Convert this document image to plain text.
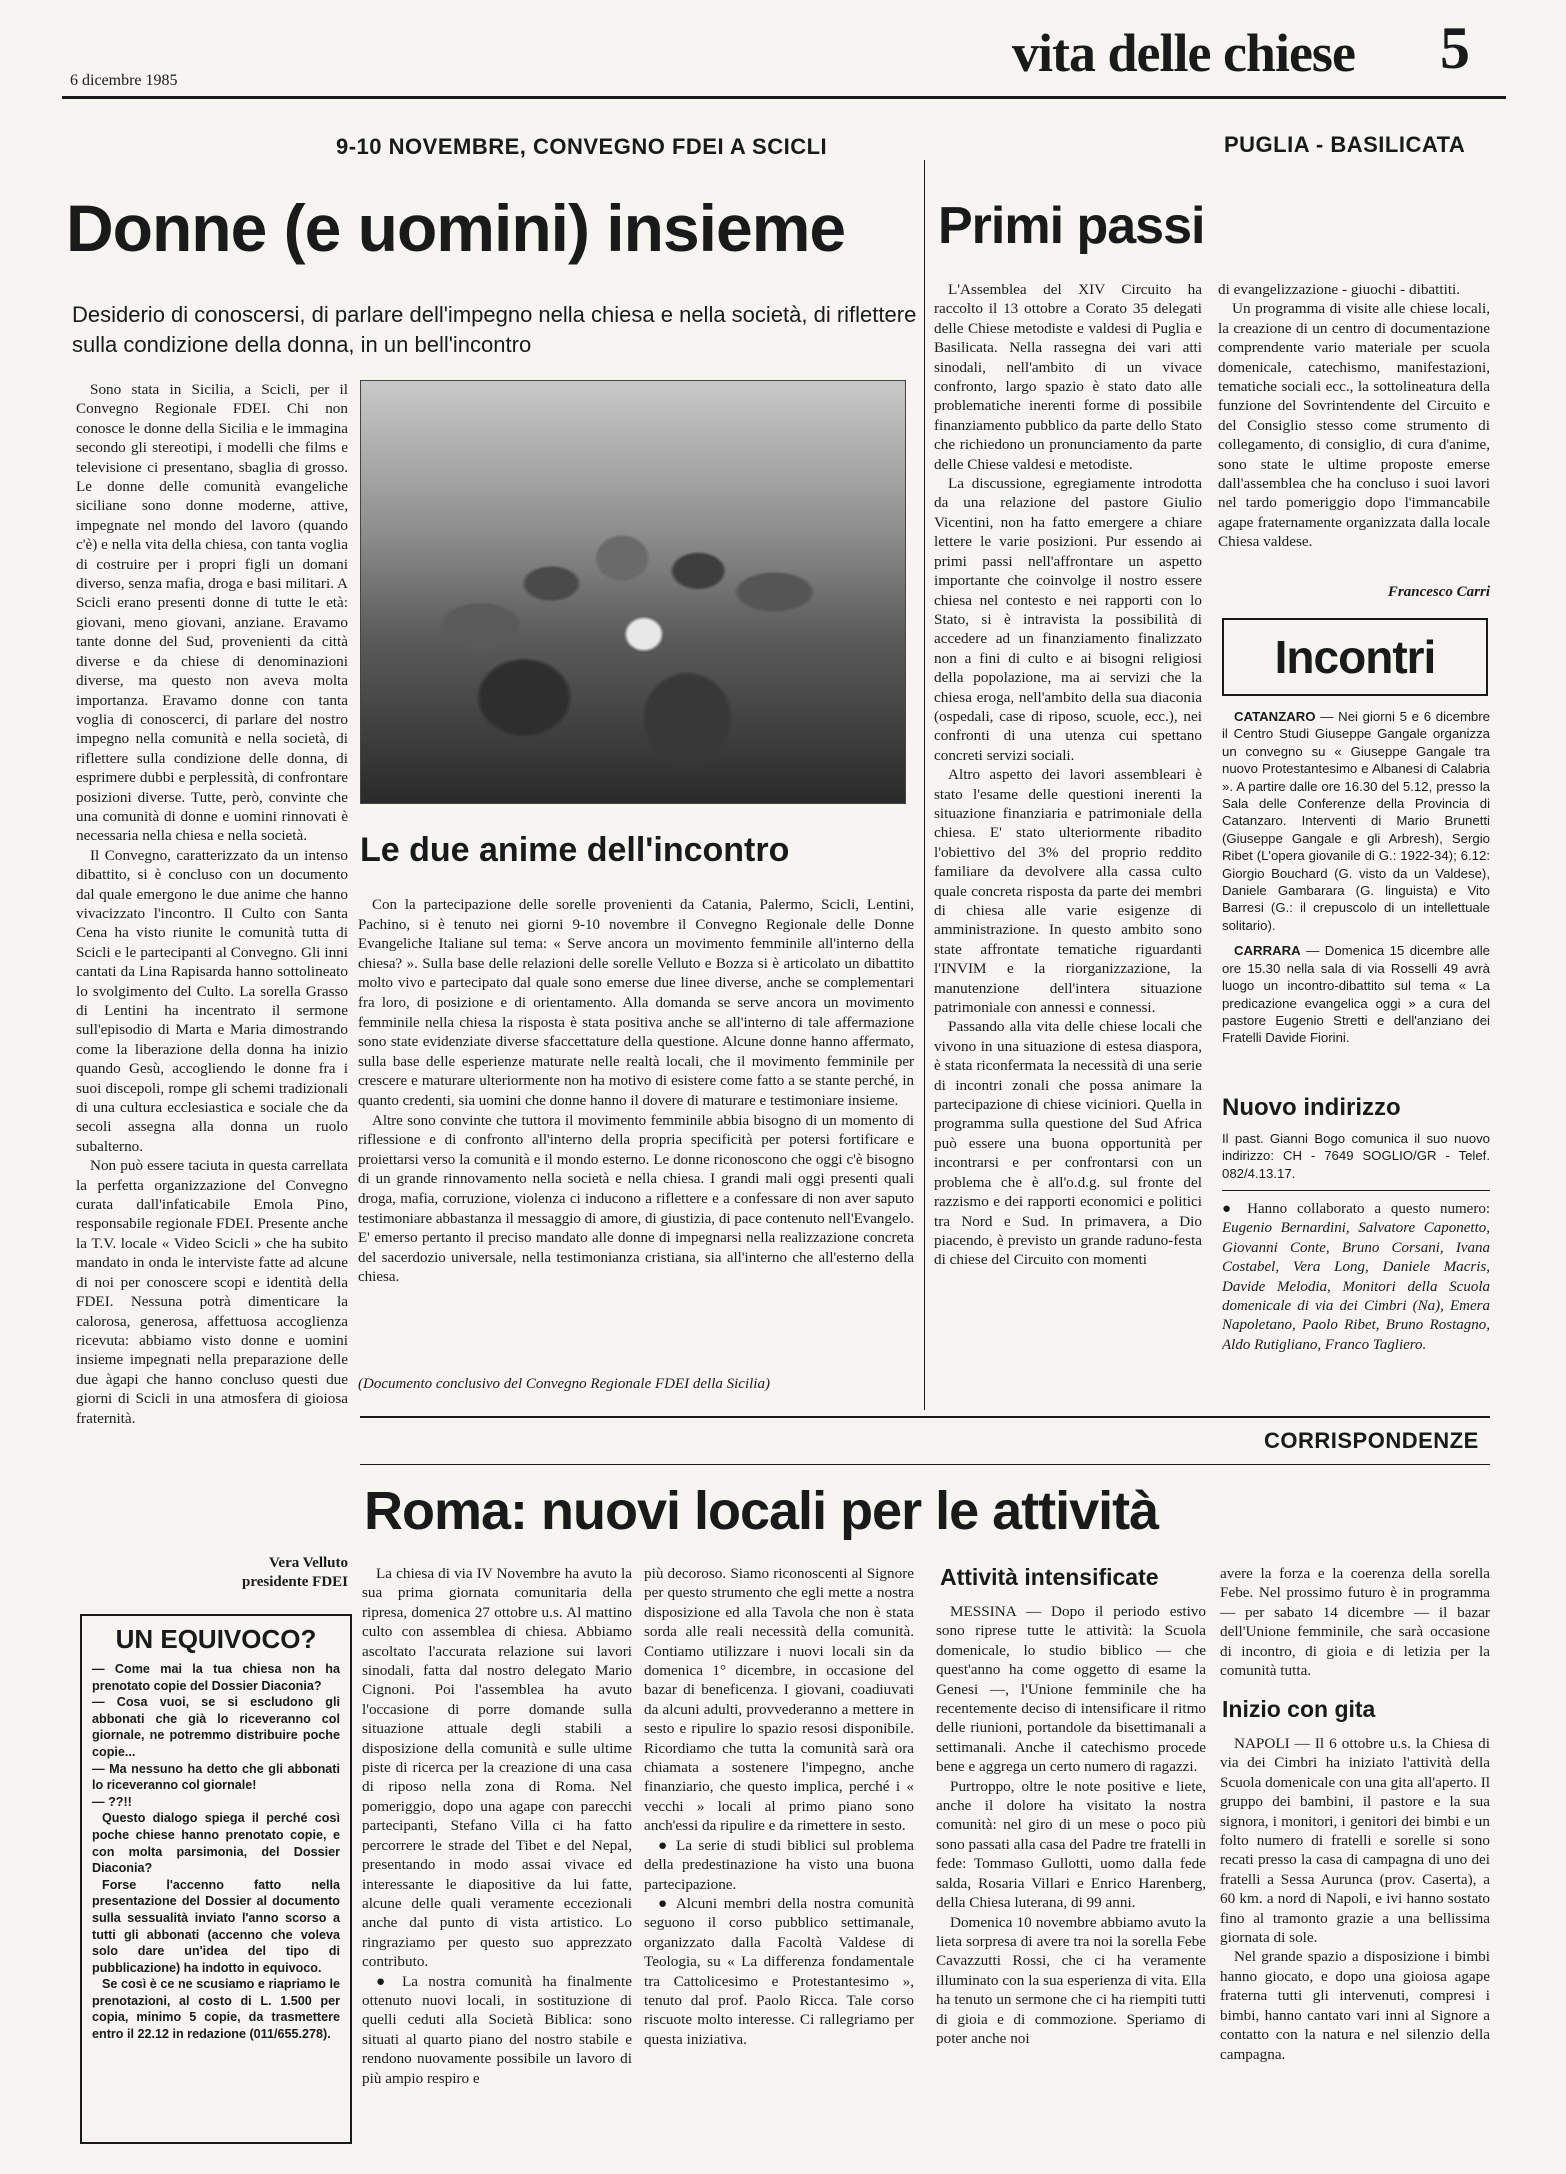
6 dicembre 1985	vita delle chiese 5
9-10 NOVEMBRE, CONVEGNO FDEI A SCICLI
Donne (e uomini) insieme
Desiderio di conoscersi, di parlare dell'impegno nella chiesa e nella società, di riflettere sulla condizione della donna, in un bell'incontro

Sono stata in Sicilia, a Scicli, per il Convegno Regionale FDEI. Chi non conosce le donne della Sicilia e le immagina secondo gli stereotipi, i modelli che films e televisione ci presentano, sbaglia di grosso. Le donne delle comunità evangeliche siciliane sono donne moderne, attive, impegnate nel mondo del lavoro (quando c'è) e nella vita della chiesa, con tanta voglia di costruire per i propri figli un domani diverso, senza mafia, droga e basi militari. A Scicli erano presenti donne di tutte le età: giovani, meno giovani, anziane. Eravamo tante donne del Sud, provenienti da città diverse e da chiese di denominazioni diverse, ma questo non aveva molta importanza. Eravamo donne con tanta voglia di conoscerci, di parlare del nostro impegno nella comunità e nella società, di riflettere sulla condizione delle donna, di esprimere dubbi e perplessità, di confrontare posizioni diverse. Tutte, però, convinte che una comunità di donne e uomini rinnovati è necessaria nella chiesa e nella società.

Il Convegno, caratterizzato da un intenso dibattito, si è concluso con un documento dal quale emergono le due anime che hanno vivacizzato l'incontro. Il Culto con Santa Cena ha visto riunite le comunità tutta di Scicli e le partecipanti al Convegno. Gli inni cantati da Lina Rapisarda hanno sottolineato lo svolgimento del Culto. La sorella Grasso di Lentini ha incentrato il sermone sull'episodio di Marta e Maria dimostrando come la liberazione della donna ha inizio quando Gesù, accogliendo le donne fra i suoi discepoli, rompe gli schemi tradizionali di una cultura ecclesiastica e sociale che da secoli assegna alla donna un ruolo subalterno.

Non può essere taciuta in questa carrellata la perfetta organizzazione del Convegno curata dall'infaticabile Emola Pino, responsabile regionale FDEI. Presente anche la T.V. locale « Video Scicli » che ha subito mandato in onda le interviste fatte ad alcune di noi per conoscere scopi e identità della FDEI. Nessuna potrà dimenticare la calorosa, generosa, affettuosa accoglienza ricevuta: abbiamo visto donne e uomini insieme impegnati nella preparazione delle due àgapi che hanno concluso questi due giorni di Scicli in una atmosfera di gioiosa fraternità.

Vera Velluto
presidente FDEI
Le due anime dell'incontro

Con la partecipazione delle sorelle provenienti da Catania, Palermo, Scicli, Lentini, Pachino, si è tenuto nei giorni 9-10 novembre il Convegno Regionale delle Donne Evangeliche Italiane sul tema: « Serve ancora un movimento femminile all'interno della chiesa? ». Sulla base delle relazioni delle sorelle Velluto e Bozza si è articolato un dibattito molto vivo e partecipato dal quale sono emerse due linee diverse, anche se complementari fra loro, di posizione e di orientamento. Alla domanda se serve ancora un movimento femminile nella chiesa la risposta è stata positiva anche se all'interno di tale affermazione sono state evidenziate diverse sfaccettature della questione. Alcune donne hanno affermato, sulla base delle esperienze maturate nelle realtà locali, che il movimento femminile per crescere e maturare ulteriormente non ha motivo di esistere come fatto a se stante perché, in quanto credenti, sia uomini che donne hanno il dovere di maturare e testimoniare insieme.

Altre sono convinte che tuttora il movimento femminile abbia bisogno di un momento di riflessione e di confronto all'interno della propria specificità per potersi fortificare e proiettarsi verso la comunità e il mondo esterno. Le donne riconoscono che oggi c'è bisogno di un grande rinnovamento nella società e nella chiesa. I grandi mali oggi presenti quali droga, mafia, corruzione, violenza ci inducono a riflettere e a confessare di non aver saputo testimoniare abbastanza il messaggio di amore, di giustizia, di pace contenuto nell'Evangelo. E' emerso pertanto il preciso mandato alle donne di impegnarsi nella realizzazione concreta del sacerdozio universale, nella testimonianza cristiana, sia all'interno che all'esterno della chiesa.

(Documento conclusivo del Convegno Regionale FDEI della Sicilia)
PUGLIA - BASILICATA
Primi passi

L'Assemblea del XIV Circuito ha raccolto il 13 ottobre a Corato 35 delegati delle Chiese metodiste e valdesi di Puglia e Basilicata. Nella rassegna dei vari atti sinodali, nell'ambito di un vivace confronto, largo spazio è stato dato alle problematiche inerenti forme di possibile finanziamento pubblico da parte dello Stato che richiedono un pronunciamento da parte delle Chiese valdesi e metodiste.

La discussione, egregiamente introdotta da una relazione del pastore Giulio Vicentini, non ha fatto emergere a chiare lettere le varie posizioni. Pur essendo ai primi passi nell'affrontare un aspetto importante che coinvolge il nostro essere chiesa nel contesto e nei rapporti con lo Stato, si è intravista la possibilità di accedere ad un finanziamento finalizzato non a fini di culto e ai bisogni religiosi della popolazione, ma ai servizi che la chiesa eroga, nell'ambito della sua diaconia (ospedali, case di riposo, scuole, ecc.), nei confronti di una utenza cui spettano concreti servizi sociali.

Altro aspetto dei lavori assembleari è stato l'esame delle questioni inerenti la situazione finanziaria e patrimoniale della chiesa. E' stato ulteriormente ribadito l'obiettivo del 3% del proprio reddito familiare da devolvere alla cassa culto quale concreta risposta da parte dei membri di chiesa alle varie esigenze di amministrazione. In questo ambito sono state affrontate tematiche riguardanti l'INVIM e la riorganizzazione, la manutenzione dell'intera situazione patrimoniale con annessi e connessi.

Passando alla vita delle chiese locali che vivono in una situazione di estesa diaspora, è stata riconfermata la necessità di una serie di incontri zonali che possa animare la partecipazione di chiese viciniori. Quella in programma sulla questione del Sud Africa può essere una buona opportunità per incontrarsi e per confrontarsi con un problema che è all'o.d.g. sul fronte del razzismo e dei rapporti economici e politici tra Nord e Sud. In primavera, a Dio piacendo, è previsto un grande raduno-festa di chiese del Circuito con momenti

di evangelizzazione - giuochi - dibattiti.

Un programma di visite alle chiese locali, la creazione di un centro di documentazione comprendente vario materiale per scuola domenicale, catechismo, manifestazioni, tematiche sociali ecc., la sottolineatura della funzione del Sovrintendente del Circuito e del Consiglio stesso come strumento di collegamento, di consiglio, di cura d'anime, sono state le ultime proposte emerse dall'assemblea che ha concluso i suoi lavori nel tardo pomeriggio dopo l'immancabile agape fraternamente organizzata dalla locale Chiesa valdese.

Francesco Carri
Incontri

CATANZARO — Nei giorni 5 e 6 dicembre il Centro Studi Giuseppe Gangale organizza un convegno su « Giuseppe Gangale tra nuovo Protestantesimo e Albanesi di Calabria ». A partire dalle ore 16.30 del 5.12, presso la Sala delle Conferenze della Provincia di Catanzaro. Interventi di Mario Brunetti (Giuseppe Gangale e gli Arbresh), Sergio Ribet (L'opera giovanile di G.: 1922-34); 6.12: Giorgio Bouchard (G. visto da un Valdese), Daniele Gambarara (G. linguista) e Vito Barresi (G.: il crepuscolo di un intellettuale solitario).

CARRARA — Domenica 15 dicembre alle ore 15.30 nella sala di via Rosselli 49 avrà luogo un incontro-dibattito sul tema « La predicazione evangelica oggi » a cura del pastore Eugenio Stretti e dell'anziano dei Fratelli Davide Fiorini.

Nuovo indirizzo
Il past. Gianni Bogo comunica il suo nuovo indirizzo: CH - 7649 SOGLIO/GR - Telef. 082/4.13.17.
● Hanno collaborato a questo numero: Eugenio Bernardini, Salvatore Caponetto, Giovanni Conte, Bruno Corsani, Ivana Costabel, Vera Long, Daniele Macris, Davide Melodia, Monitori della Scuola domenicale di via dei Cimbri (Na), Emera Napoletano, Paolo Ribet, Bruno Rostagno, Aldo Rutigliano, Franco Tagliero.
CORRISPONDENZE
Roma: nuovi locali per le attività

La chiesa di via IV Novembre ha avuto la sua prima giornata comunitaria della ripresa, domenica 27 ottobre u.s. Al mattino culto con assemblea di chiesa. Abbiamo ascoltato l'accurata relazione sui lavori sinodali, fatta dal nostro delegato Mario Cignoni. Poi l'assemblea ha avuto l'occasione di porre domande sulla situazione attuale degli stabili a disposizione della comunità e sulle ultime piste di ricerca per la creazione di una casa di riposo nella zona di Roma. Nel pomeriggio, dopo una agape con parecchi partecipanti, Stefano Villa ci ha fatto percorrere le strade del Tibet e del Nepal, presentando in modo assai vivace ed interessante le diapositive da lui fatte, alcune delle quali veramente eccezionali anche dal punto di vista artistico. Lo ringraziamo per questo suo apprezzato contributo.

● La nostra comunità ha finalmente ottenuto nuovi locali, in sostituzione di quelli ceduti alla Società Biblica: sono situati al quarto piano del nostro stabile e rendono nuovamente possibile un lavoro di più ampio respiro e

più decoroso. Siamo riconoscenti al Signore per questo strumento che egli mette a nostra disposizione ed alla Tavola che non è stata sorda alle reali necessità della comunità. Contiamo utilizzare i nuovi locali sin da domenica 1° dicembre, in occasione del bazar di beneficenza. I giovani, coadiuvati da alcuni adulti, provvederanno a mettere in sesto e ripulire lo spazio resosi disponibile. Ricordiamo che tutta la comunità sarà ora chiamata a sostenere l'impegno, anche finanziario, che questo implica, perché i « vecchi » locali al primo piano sono anch'essi da ripulire e da rimettere in sesto.

● La serie di studi biblici sul problema della predestinazione ha visto una buona partecipazione.

● Alcuni membri della nostra comunità seguono il corso pubblico settimanale, organizzato dalla Facoltà Valdese di Teologia, su « La differenza fondamentale tra Cattolicesimo e Protestantesimo », tenuto dal prof. Paolo Ricca. Tale corso riscuote molto interesse. Ci rallegriamo per questa iniziativa.

Attività intensificate

MESSINA — Dopo il periodo estivo sono riprese tutte le attività: la Scuola domenicale, lo studio biblico — che quest'anno ha come oggetto di esame la Genesi —, l'Unione femminile che ha recentemente deciso di intensificare il ritmo delle riunioni, portandole da bisettimanali a settimanali. Anche il catechismo procede bene e aggrega un certo numero di ragazzi.

Purtroppo, oltre le note positive e liete, anche il dolore ha visitato la nostra comunità: nel giro di un mese o poco più sono passati alla casa del Padre tre fratelli in fede: Tommaso Gullotti, uomo dalla fede salda, Rosaria Villari e Enrico Harenberg, della Chiesa luterana, di 99 anni.

Domenica 10 novembre abbiamo avuto la lieta sorpresa di avere tra noi la sorella Febe Cavazzutti Rossi, che ci ha veramente illuminato con la sua esperienza di vita. Ella ha tenuto un sermone che ci ha riempiti tutti di gioia e di commozione. Speriamo di poter anche noi

avere la forza e la coerenza della sorella Febe. Nel prossimo futuro è in programma — per sabato 14 dicembre — il bazar dell'Unione femminile, che sarà occasione di incontro, di gioia e di letizia per la comunità tutta.

Inizio con gita

NAPOLI — Il 6 ottobre u.s. la Chiesa di via dei Cimbri ha iniziato l'attività della Scuola domenicale con una gita all'aperto. Il gruppo dei bambini, il pastore e la sua signora, i monitori, i genitori dei bimbi e un folto numero di fratelli e sorelle si sono recati presso la casa di campagna di uno dei fratelli a Sessa Aurunca (prov. Caserta), a 60 km. a nord di Napoli, e ivi hanno sostato fino al tramonto grazie a una bellissima giornata di sole.

Nel grande spazio a disposizione i bimbi hanno giocato, e dopo una gioiosa agape fraterna tutti gli intervenuti, compresi i bimbi, hanno cantato vari inni al Signore a contatto con la natura e nel silenzio della campagna.

UN EQUIVOCO?

— Come mai la tua chiesa non ha prenotato copie del Dossier Diaconia?

— Cosa vuoi, se si escludono gli abbonati che già lo riceveranno col giornale, ne potremmo distribuire poche copie...

— Ma nessuno ha detto che gli abbonati lo riceveranno col giornale!

— ??!!

Questo dialogo spiega il perché così poche chiese hanno prenotato copie, e con molta parsimonia, del Dossier Diaconia?

Forse l'accenno fatto nella presentazione del Dossier al documento sulla sessualità inviato l'anno scorso a tutti gli abbonati (accenno che voleva solo dare un'idea del tipo di pubblicazione) ha indotto in equivoco.

Se così è ce ne scusiamo e riapriamo le prenotazioni, al costo di L. 1.500 per copia, minimo 5 copie, da trasmettere entro il 22.12 in redazione (011/655.278).
